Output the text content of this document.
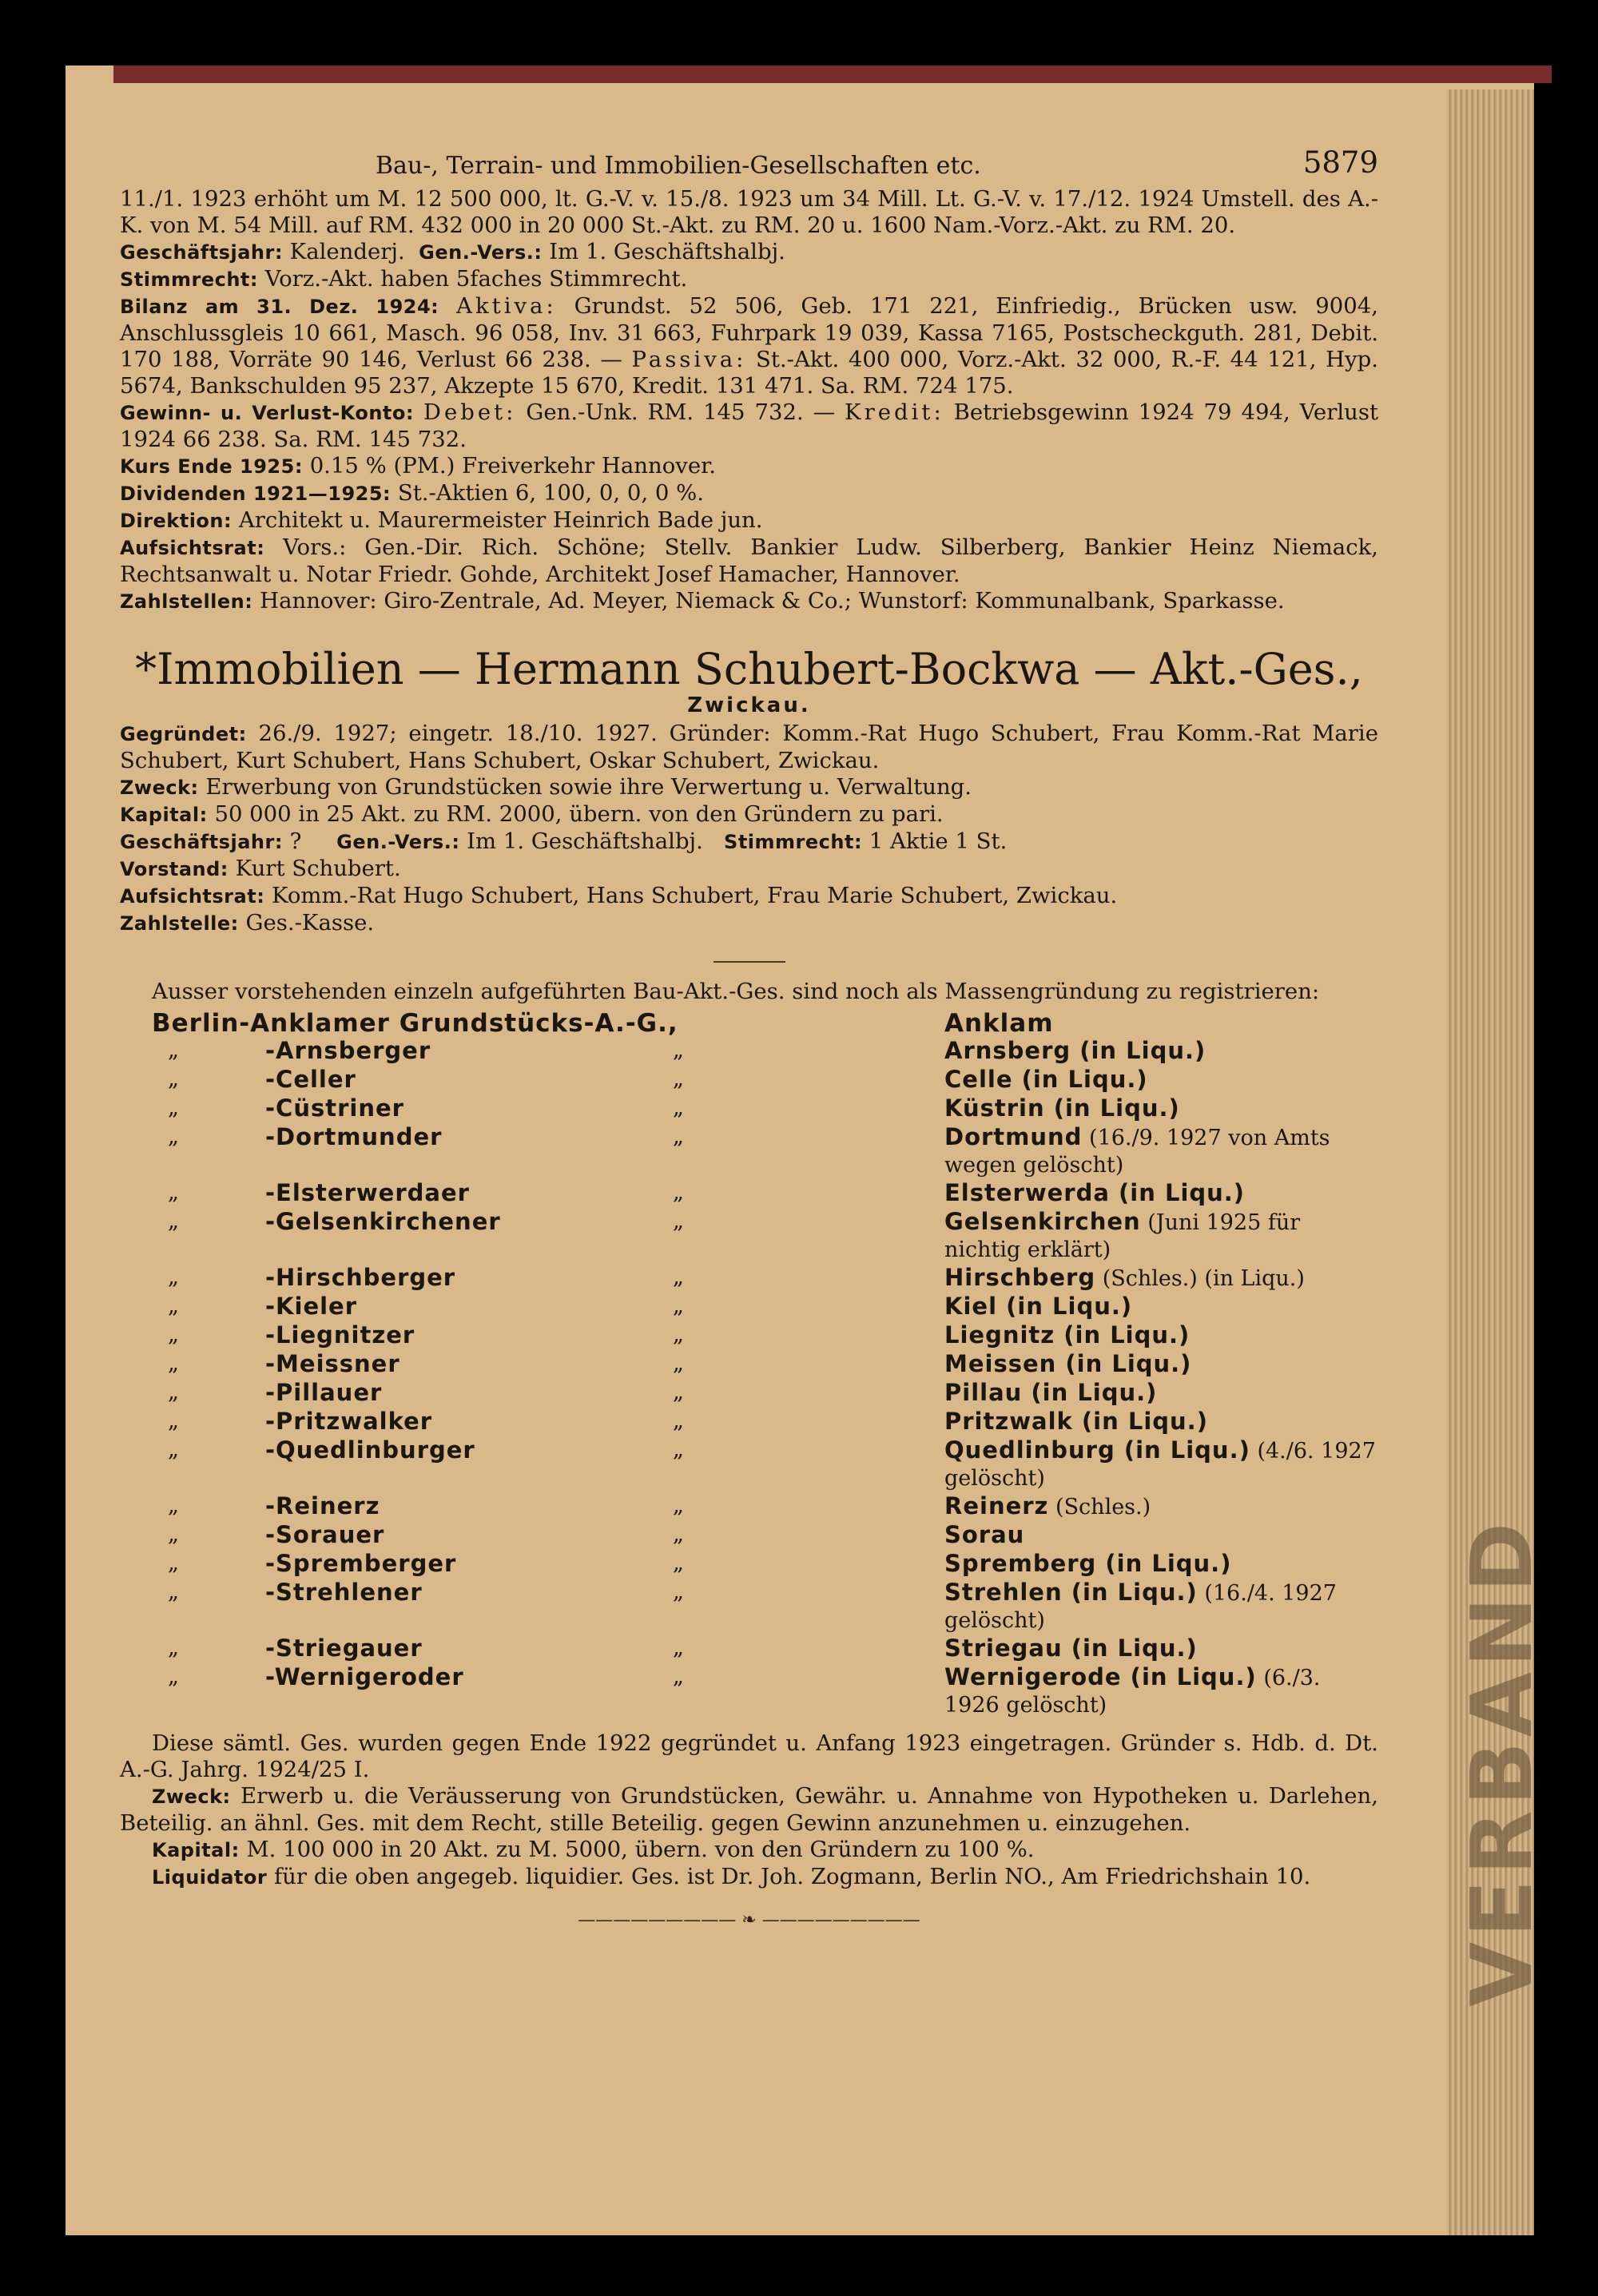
VERBAND
Bau-, Terrain- und Immobilien-Gesellschaften etc.	5879

11./1. 1923 erhöht um M. 12 500 000, lt. G.-V. v. 15./8. 1923 um 34 Mill. Lt. G.-V. v. 17./12. 1924 Umstell. des A.-K. von M. 54 Mill. auf RM. 432 000 in 20 000 St.-Akt. zu RM. 20 u. 1600 Nam.-Vorz.-Akt. zu RM. 20.

Geschäftsjahr: Kalenderj. Gen.-Vers.: Im 1. Geschäftshalbj.

Stimmrecht: Vorz.-Akt. haben 5faches Stimmrecht.

Bilanz am 31. Dez. 1924: Aktiva: Grundst. 52 506, Geb. 171 221, Einfriedig., Brücken usw. 9004, Anschlussgleis 10 661, Masch. 96 058, Inv. 31 663, Fuhrpark 19 039, Kassa 7165, Postscheckguth. 281, Debit. 170 188, Vorräte 90 146, Verlust 66 238. — Passiva: St.-Akt. 400 000, Vorz.-Akt. 32 000, R.-F. 44 121, Hyp. 5674, Bankschulden 95 237, Akzepte 15 670, Kredit. 131 471. Sa. RM. 724 175.

Gewinn- u. Verlust-Konto: Debet: Gen.-Unk. RM. 145 732. — Kredit: Betriebsgewinn 1924 79 494, Verlust 1924 66 238. Sa. RM. 145 732.

Kurs Ende 1925: 0.15 % (PM.) Freiverkehr Hannover.

Dividenden 1921—1925: St.-Aktien 6, 100, 0, 0, 0 %.

Direktion: Architekt u. Maurermeister Heinrich Bade jun.

Aufsichtsrat: Vors.: Gen.-Dir. Rich. Schöne; Stellv. Bankier Ludw. Silberberg, Bankier Heinz Niemack, Rechtsanwalt u. Notar Friedr. Gohde, Architekt Josef Hamacher, Hannover.

Zahlstellen: Hannover: Giro-Zentrale, Ad. Meyer, Niemack & Co.; Wunstorf: Kommunalbank, Sparkasse.

*Immobilien — Hermann Schubert-Bockwa — Akt.-Ges.,
Zwickau.

Gegründet: 26./9. 1927; eingetr. 18./10. 1927. Gründer: Komm.-Rat Hugo Schubert, Frau Komm.-Rat Marie Schubert, Kurt Schubert, Hans Schubert, Oskar Schubert, Zwickau.

Zweck: Erwerbung von Grundstücken sowie ihre Verwertung u. Verwaltung.

Kapital: 50 000 in 25 Akt. zu RM. 2000, übern. von den Gründern zu pari.

Geschäftsjahr: ? Gen.-Vers.: Im 1. Geschäftshalbj. Stimmrecht: 1 Aktie 1 St.

Vorstand: Kurt Schubert.

Aufsichtsrat: Komm.-Rat Hugo Schubert, Hans Schubert, Frau Marie Schubert, Zwickau.

Zahlstelle: Ges.-Kasse.

Ausser vorstehenden einzeln aufgeführten Bau-Akt.-Ges. sind noch als Massengründung zu registrieren:

Berlin-Anklamer Grundstücks-A.-G.,			Anklam
„	-Arnsberger	„	Arnsberg (in Liqu.)
„	-Celler	„	Celle (in Liqu.)
„	-Cüstriner	„	Küstrin (in Liqu.)
„	-Dortmunder	„	Dortmund (16./9. 1927 von Amts wegen gelöscht)
„	-Elsterwerdaer	„	Elsterwerda (in Liqu.)
„	-Gelsenkirchener	„	Gelsenkirchen (Juni 1925 für nichtig erklärt)
„	-Hirschberger	„	Hirschberg (Schles.) (in Liqu.)
„	-Kieler	„	Kiel (in Liqu.)
„	-Liegnitzer	„	Liegnitz (in Liqu.)
„	-Meissner	„	Meissen (in Liqu.)
„	-Pillauer	„	Pillau (in Liqu.)
„	-Pritzwalker	„	Pritzwalk (in Liqu.)
„	-Quedlinburger	„	Quedlinburg (in Liqu.) (4./6. 1927 gelöscht)
„	-Reinerz	„	Reinerz (Schles.)
„	-Sorauer	„	Sorau
„	-Spremberger	„	Spremberg (in Liqu.)
„	-Strehlener	„	Strehlen (in Liqu.) (16./4. 1927 gelöscht)
„	-Striegauer	„	Striegau (in Liqu.)
„	-Wernigeroder	„	Wernigerode (in Liqu.) (6./3. 1926 gelöscht)

Diese sämtl. Ges. wurden gegen Ende 1922 gegründet u. Anfang 1923 eingetragen. Gründer s. Hdb. d. Dt. A.-G. Jahrg. 1924/25 I.

Zweck: Erwerb u. die Veräusserung von Grundstücken, Gewähr. u. Annahme von Hypotheken u. Darlehen, Beteilig. an ähnl. Ges. mit dem Recht, stille Beteilig. gegen Gewinn anzunehmen u. einzugehen.

Kapital: M. 100 000 in 20 Akt. zu M. 5000, übern. von den Gründern zu 100 %.

Liquidator für die oben angegeb. liquidier. Ges. ist Dr. Joh. Zogmann, Berlin NO., Am Friedrichshain 10.

————————— ❧ —————————
